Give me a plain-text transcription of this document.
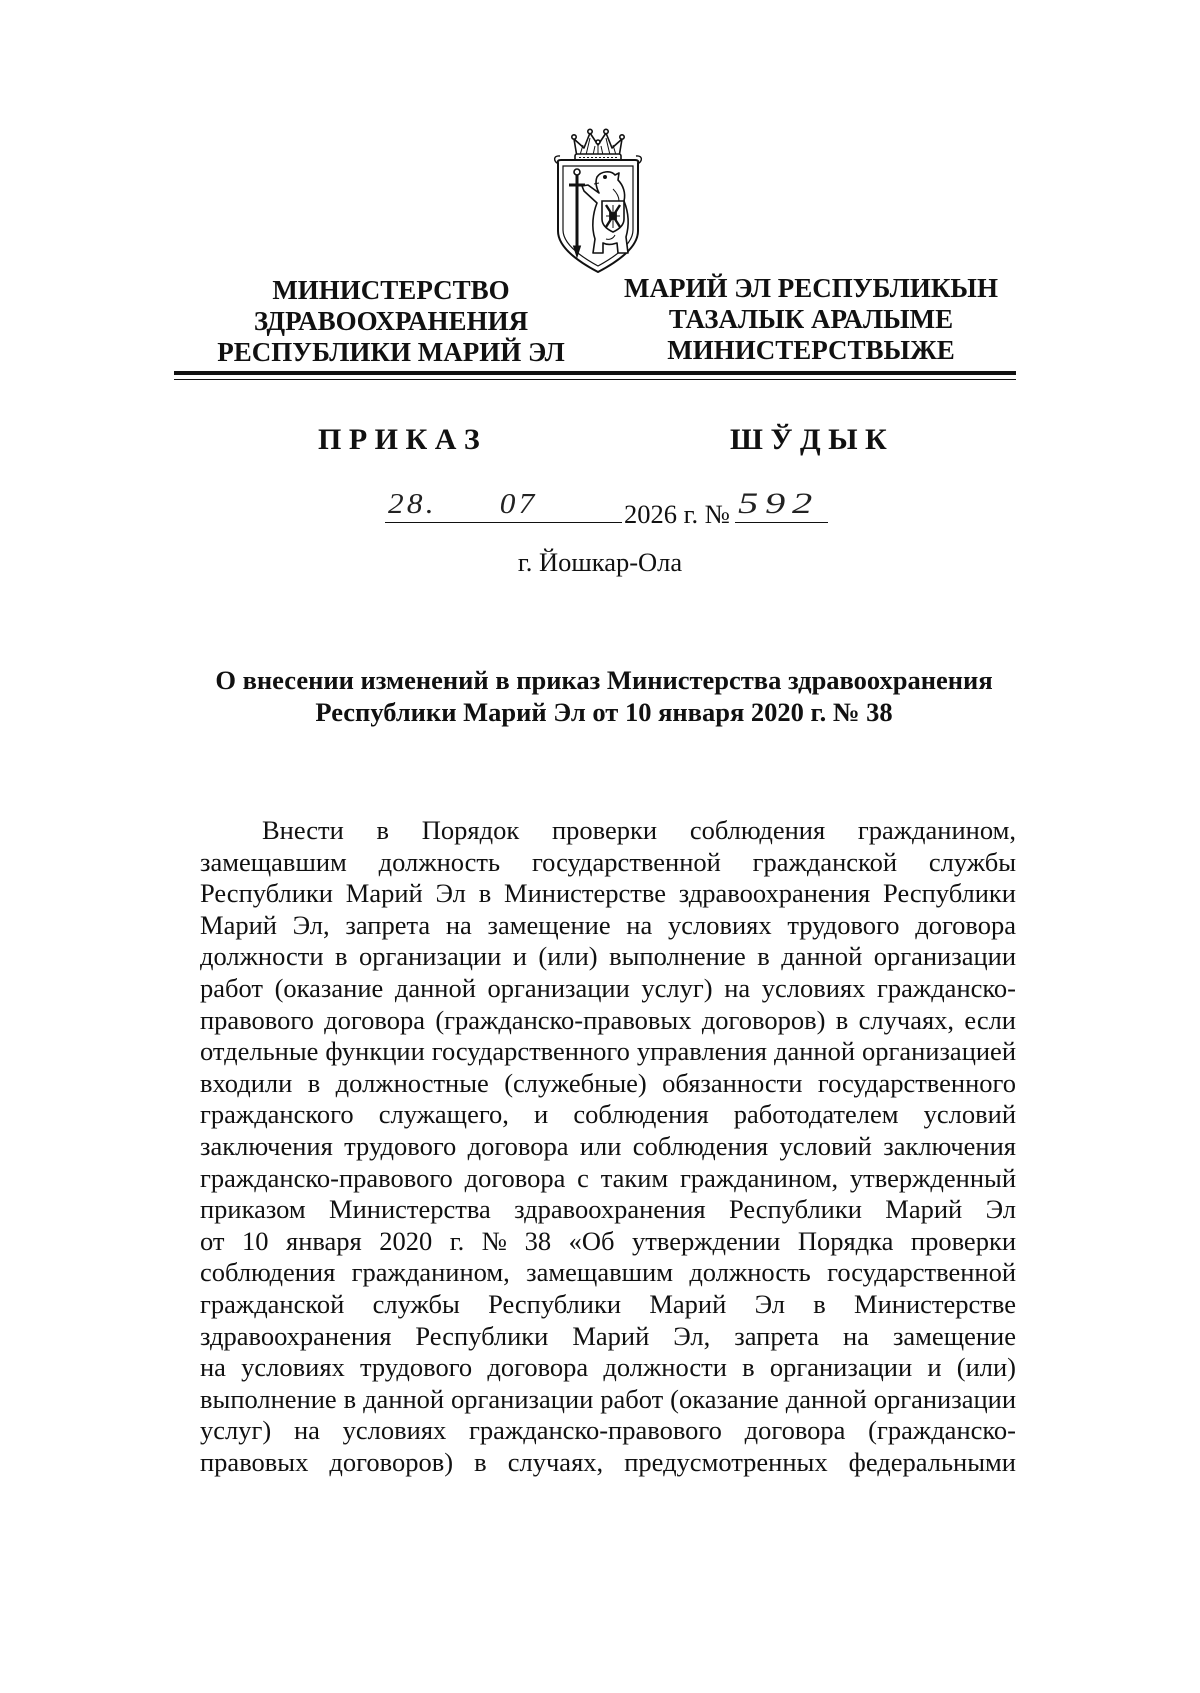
МИНИСТЕРСТВО
ЗДРАВООХРАНЕНИЯ
РЕСПУБЛИКИ МАРИЙ ЭЛ
МАРИЙ ЭЛ РЕСПУБЛИКЫН
ТАЗАЛЫК АРАЛЫМЕ
МИНИСТЕРСТВЫЖЕ
П Р И К А З	Ш Ў Д Ы К
28. 07	2026 г. № 592
г. Йошкар-Ола
О внесении изменений в приказ Министерства здравоохранения
Республики Марий Эл от 10 января 2020 г. № 38
Внести в Порядок проверки соблюдения гражданином,
замещавшим должность государственной гражданской службы
Республики Марий Эл в Министерстве здравоохранения Республики
Марий Эл, запрета на замещение на условиях трудового договора
должности в организации и (или) выполнение в данной организации
работ (оказание данной организации услуг) на условиях гражданско-
правового договора (гражданско-правовых договоров) в случаях, если
отдельные функции государственного управления данной организацией
входили в должностные (служебные) обязанности государственного
гражданского служащего, и соблюдения работодателем условий
заключения трудового договора или соблюдения условий заключения
гражданско-правового договора с таким гражданином, утвержденный
приказом Министерства здравоохранения Республики Марий Эл
от 10 января 2020 г. № 38 «Об утверждении Порядка проверки
соблюдения гражданином, замещавшим должность государственной
гражданской службы Республики Марий Эл в Министерстве
здравоохранения Республики Марий Эл, запрета на замещение
на условиях трудового договора должности в организации и (или)
выполнение в данной организации работ (оказание данной организации
услуг) на условиях гражданско-правового договора (гражданско-
правовых договоров) в случаях, предусмотренных федеральными
